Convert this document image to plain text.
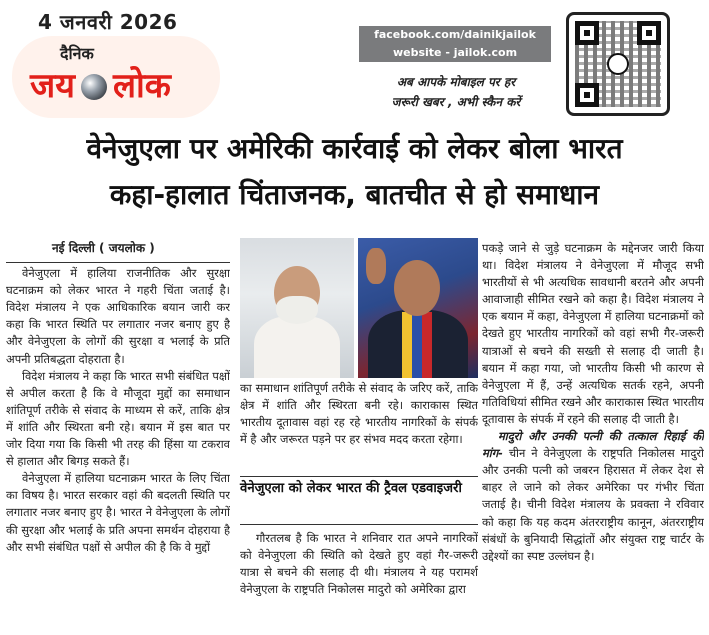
4 जनवरी 2026
दैनिक
जय लोक
facebook.com/dainikjailok
website - jailok.com
अब आपके मोबाइल पर हर
जरूरी खबर , अभी स्कैन करें
वेनेजुएला पर अमेरिकी कार्रवाई को लेकर बोला भारत
कहा-हालात चिंताजनक, बातचीत से हो समाधान

नई दिल्ली ( जयलोक )

वेनेजुएला में हालिया राजनीतिक और सुरक्षा घटनाक्रम को लेकर भारत ने गहरी चिंता जताई है। विदेश मंत्रालय ने एक आधिकारिक बयान जारी कर कहा कि भारत स्थिति पर लगातार नजर बनाए हुए है और वेनेजुएला के लोगों की सुरक्षा व भलाई के प्रति अपनी प्रतिबद्धता दोहराता है।

विदेश मंत्रालय ने कहा कि भारत सभी संबंधित पक्षों से अपील करता है कि वे मौजूदा मुद्दों का समाधान शांतिपूर्ण तरीके से संवाद के माध्यम से करें, ताकि क्षेत्र में शांति और स्थिरता बनी रहे। बयान में इस बात पर जोर दिया गया कि किसी भी तरह की हिंसा या टकराव से हालात और बिगड़ सकते हैं।

वेनेजुएला में हालिया घटनाक्रम भारत के लिए चिंता का विषय है। भारत सरकार वहां की बदलती स्थिति पर लगातार नजर बनाए हुए है। भारत ने वेनेजुएला के लोगों की सुरक्षा और भलाई के प्रति अपना समर्थन दोहराया है और सभी संबंधित पक्षों से अपील की है कि वे मुद्दों

का समाधान शांतिपूर्ण तरीके से संवाद के जरिए करें, ताकि क्षेत्र में शांति और स्थिरता बनी रहे। काराकास स्थित भारतीय दूतावास वहां रह रहे भारतीय नागरिकों के संपर्क में है और जरूरत पड़ने पर हर संभव मदद करता रहेगा।

वेनेजुएला को लेकर भारत की ट्रैवल एडवाइजरी

गौरतलब है कि भारत ने शनिवार रात अपने नागरिकों को वेनेजुएला की स्थिति को देखते हुए वहां गैर-जरूरी यात्रा से बचने की सलाह दी थी। मंत्रालय ने यह परामर्श वेनेजुएला के राष्ट्रपति निकोलस मादुरो को अमेरिका द्वारा

पकड़े जाने से जुड़े घटनाक्रम के मद्देनजर जारी किया था। विदेश मंत्रालय ने वेनेजुएला में मौजूद सभी भारतीयों से भी अत्यधिक सावधानी बरतने और अपनी आवाजाही सीमित रखने को कहा है। विदेश मंत्रालय ने एक बयान में कहा, वेनेजुएला में हालिया घटनाक्रमों को देखते हुए भारतीय नागरिकों को वहां सभी गैर-जरूरी यात्राओं से बचने की सख्ती से सलाह दी जाती है। बयान में कहा गया, जो भारतीय किसी भी कारण से वेनेजुएला में हैं, उन्हें अत्यधिक सतर्क रहने, अपनी गतिविधियां सीमित रखने और काराकास स्थित भारतीय दूतावास के संपर्क में रहने की सलाह दी जाती है।

मादुरो और उनकी पत्नी की तत्काल रिहाई की मांग- चीन ने वेनेजुएला के राष्ट्रपति निकोलस मादुरो और उनकी पत्नी को जबरन हिरासत में लेकर देश से बाहर ले जाने को लेकर अमेरिका पर गंभीर चिंता जताई है। चीनी विदेश मंत्रालय के प्रवक्ता ने रविवार को कहा कि यह कदम अंतरराष्ट्रीय कानून, अंतरराष्ट्रीय संबंधों के बुनियादी सिद्धांतों और संयुक्त राष्ट्र चार्टर के उद्देश्यों का स्पष्ट उल्लंघन है।
